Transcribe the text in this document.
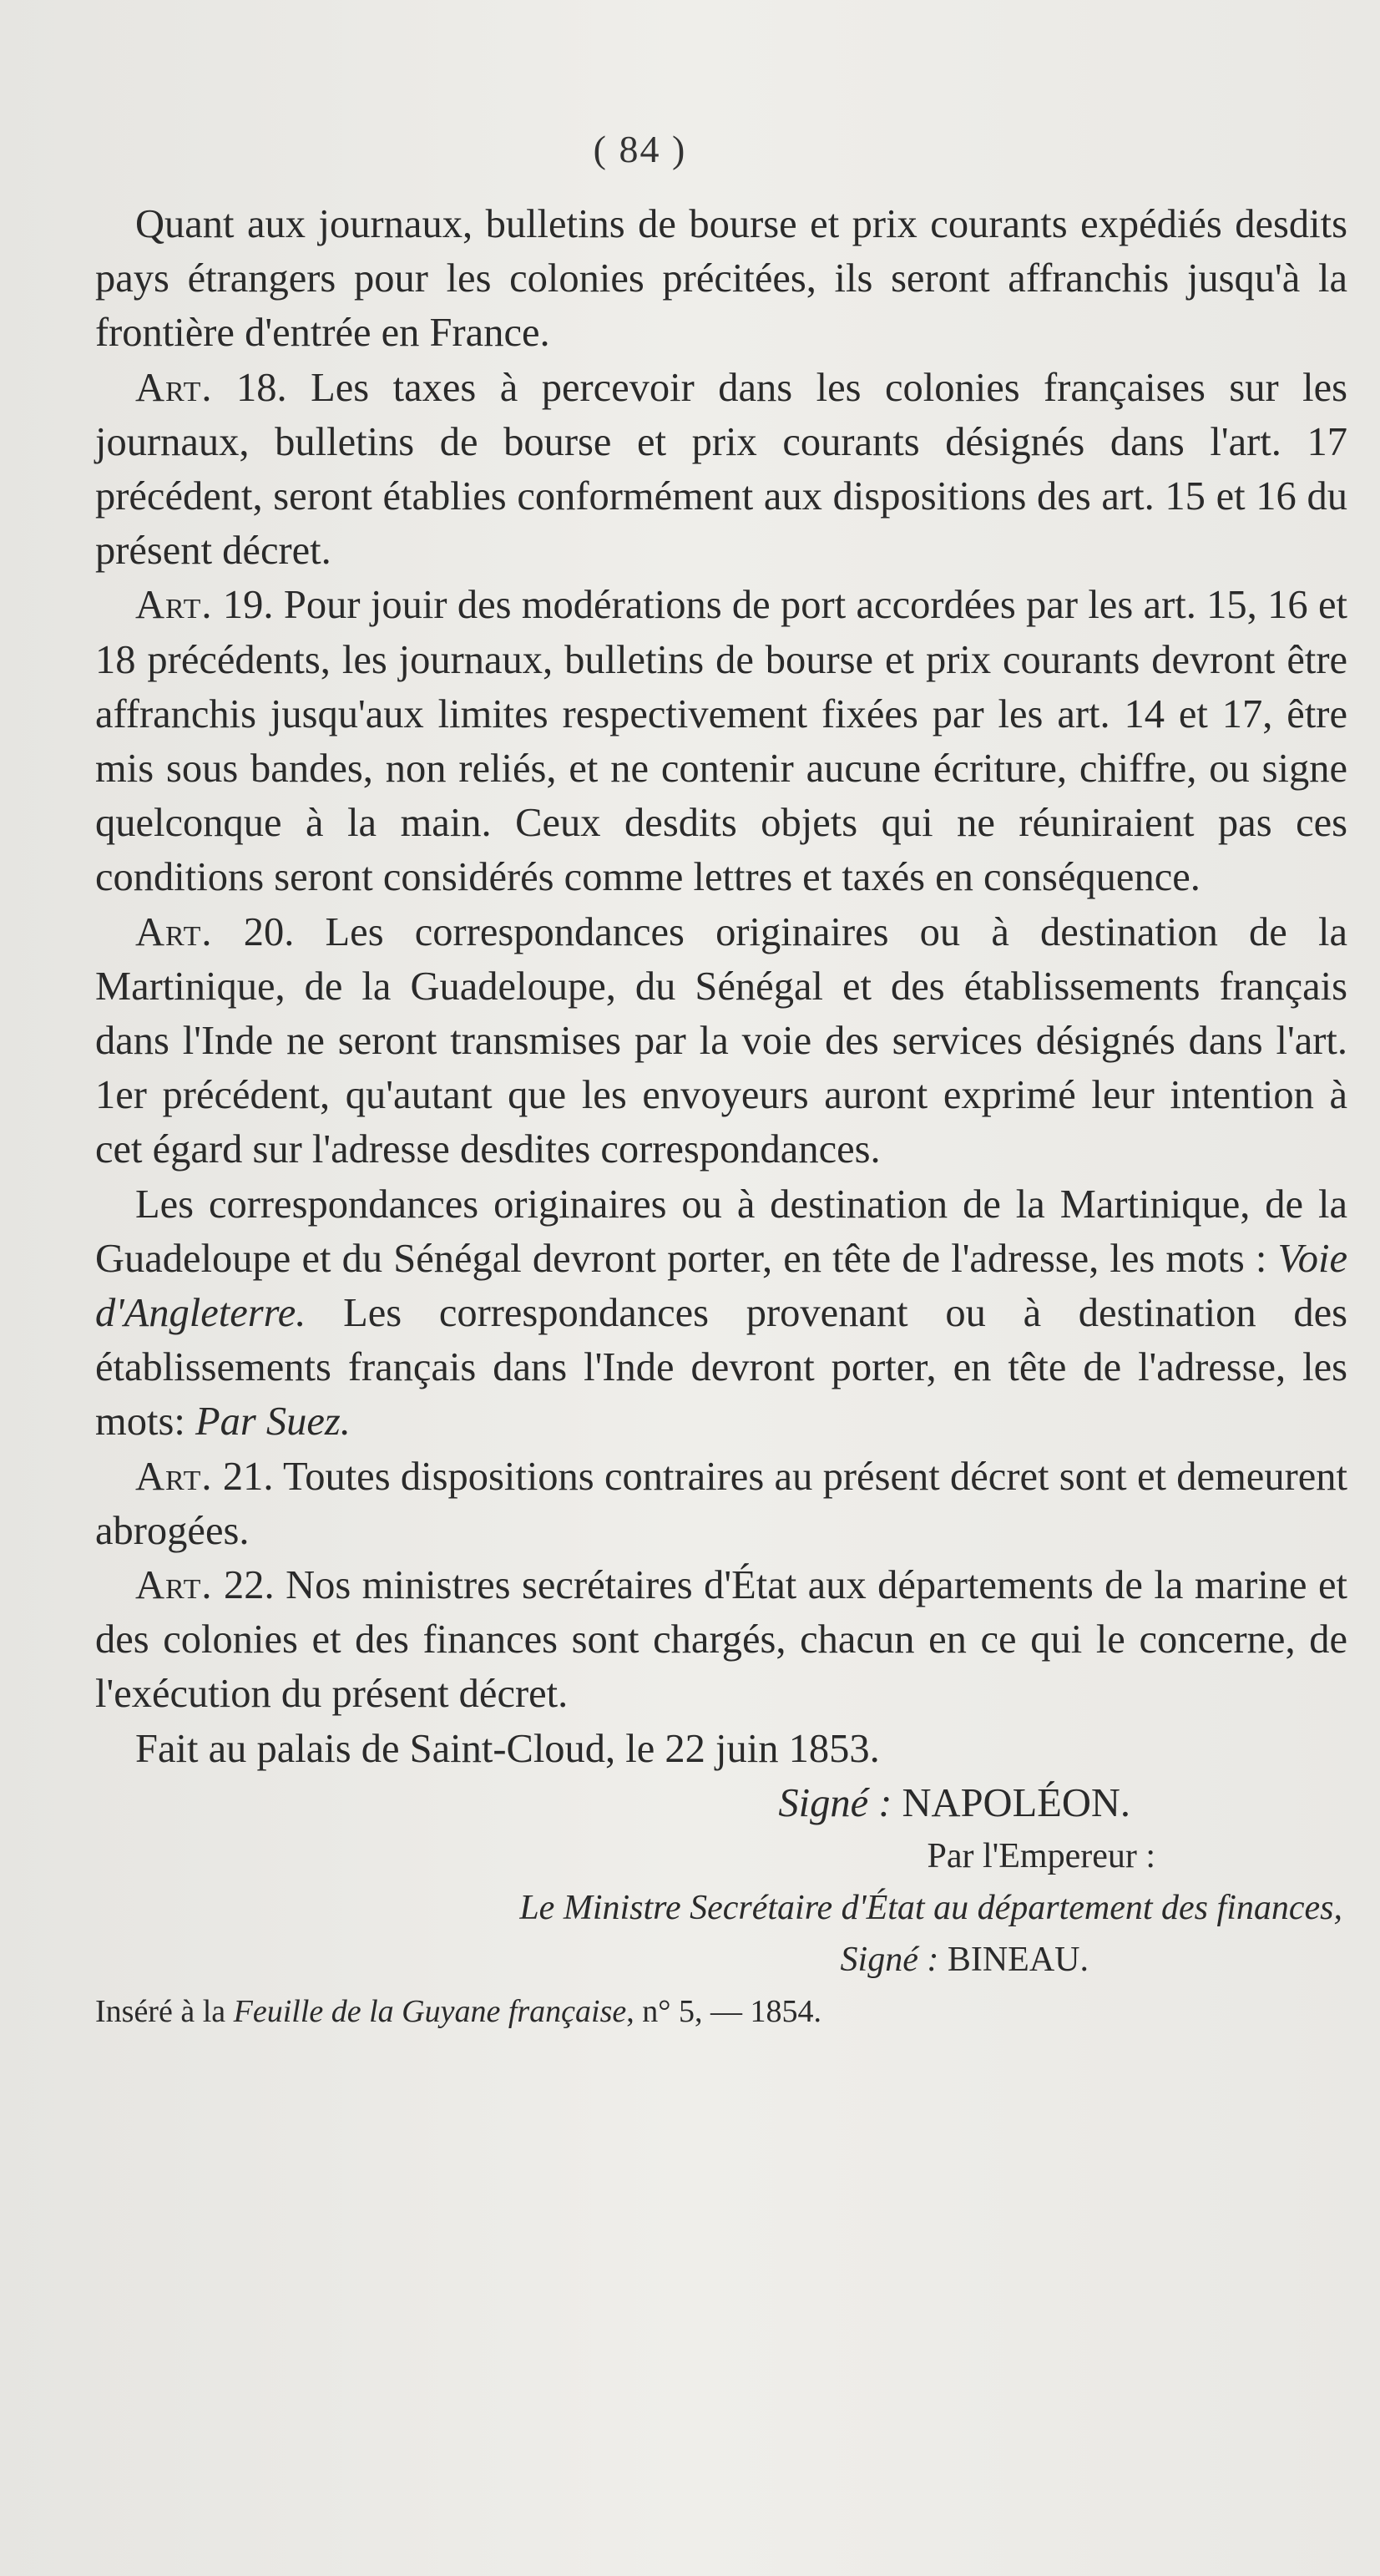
( 84 )

Quant aux journaux, bulletins de bourse et prix courants expédiés desdits pays étrangers pour les colonies précitées, ils seront affranchis jusqu'à la frontière d'entrée en France.

Art. 18. Les taxes à percevoir dans les colonies françaises sur les journaux, bulletins de bourse et prix courants désignés dans l'art. 17 précédent, seront établies conformément aux dispositions des art. 15 et 16 du présent décret.

Art. 19. Pour jouir des modérations de port accordées par les art. 15, 16 et 18 précédents, les journaux, bulletins de bourse et prix courants devront être affranchis jusqu'aux limites respectivement fixées par les art. 14 et 17, être mis sous bandes, non reliés, et ne contenir aucune écriture, chiffre, ou signe quelconque à la main. Ceux desdits objets qui ne réuniraient pas ces conditions seront considérés comme lettres et taxés en conséquence.

Art. 20. Les correspondances originaires ou à destination de la Martinique, de la Guadeloupe, du Sénégal et des établissements français dans l'Inde ne seront transmises par la voie des services désignés dans l'art. 1er précédent, qu'autant que les envoyeurs auront exprimé leur intention à cet égard sur l'adresse desdites correspondances.

Les correspondances originaires ou à destination de la Martinique, de la Guadeloupe et du Sénégal devront porter, en tête de l'adresse, les mots : Voie d'Angleterre. Les correspondances provenant ou à destination des établissements français dans l'Inde devront porter, en tête de l'adresse, les mots: Par Suez.

Art. 21. Toutes dispositions contraires au présent décret sont et demeurent abrogées.

Art. 22. Nos ministres secrétaires d'État aux départements de la marine et des colonies et des finances sont chargés, chacun en ce qui le concerne, de l'exécution du présent décret.

Fait au palais de Saint-Cloud, le 22 juin 1853.

Signé : NAPOLÉON.

Par l'Empereur :

Le Ministre Secrétaire d'État au département des finances,

Signé : BINEAU.

Inséré à la Feuille de la Guyane française, n° 5, — 1854.
